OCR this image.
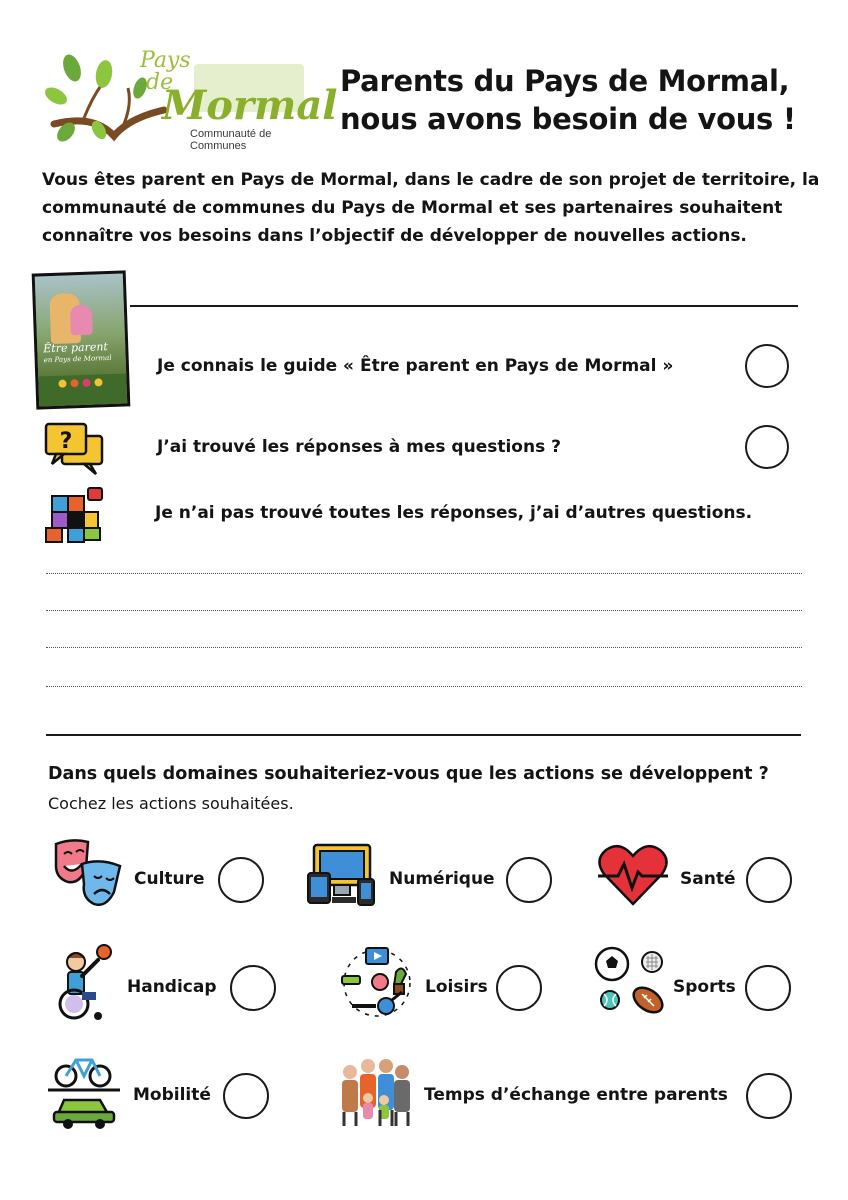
Pays
de
Mormal
Communauté de Communes
Parents du Pays de Mormal,
nous avons besoin de vous !
Vous êtes parent en Pays de Mormal, dans le cadre de son projet de territoire, la communauté de communes du Pays de Mormal et ses partenaires souhaitent connaître vos besoins dans l’objectif de développer de nouvelles actions.
Être parent
en Pays de Mormal	Je connais le guide « Être parent en Pays de Mormal »
?	J’ai trouvé les réponses à mes questions ?
Je n’ai pas trouvé toutes les réponses, j’ai d’autres questions.
Dans quels domaines souhaiteriez-vous que les actions se développent ?
Cochez les actions souhaitées.
Culture	Numérique	Santé
Handicap	Loisirs	Sports
Mobilité	Temps d’échange entre parents
